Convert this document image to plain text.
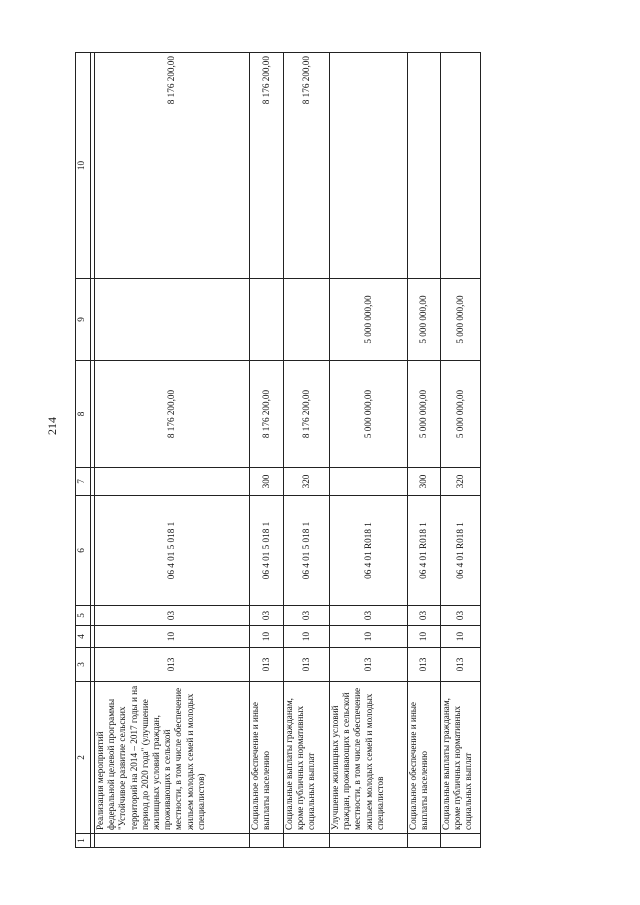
214
1	2	3	4	5	6	7	8	9	10

	Реализация мероприятий федеральной целевой программы "Устойчивое развитие сельских территорий на 2014 – 2017 годы и на период до 2020 года" (улучшение жилищных условий граждан, проживающих в сельской местности, в том числе обеспечение жильем молодых семей и молодых специалистов)	013	10	03	06 4 01 5 018 1		8 176 200,00		8 176 200,00
	Социальное обеспечение и иные выплаты населению	013	10	03	06 4 01 5 018 1	300	8 176 200,00		8 176 200,00
	Социальные выплаты гражданам, кроме публичных нормативных социальных выплат	013	10	03	06 4 01 5 018 1	320	8 176 200,00		8 176 200,00
	Улучшение жилищных условий граждан, проживающих в сельской местности, в том числе обеспечение жильем молодых семей и молодых специалистов	013	10	03	06 4 01 R018 1		5 000 000,00	5 000 000,00	
	Социальное обеспечение и иные выплаты населению	013	10	03	06 4 01 R018 1	300	5 000 000,00	5 000 000,00	
	Социальные выплаты гражданам, кроме публичных нормативных социальных выплат	013	10	03	06 4 01 R018 1	320	5 000 000,00	5 000 000,00	
